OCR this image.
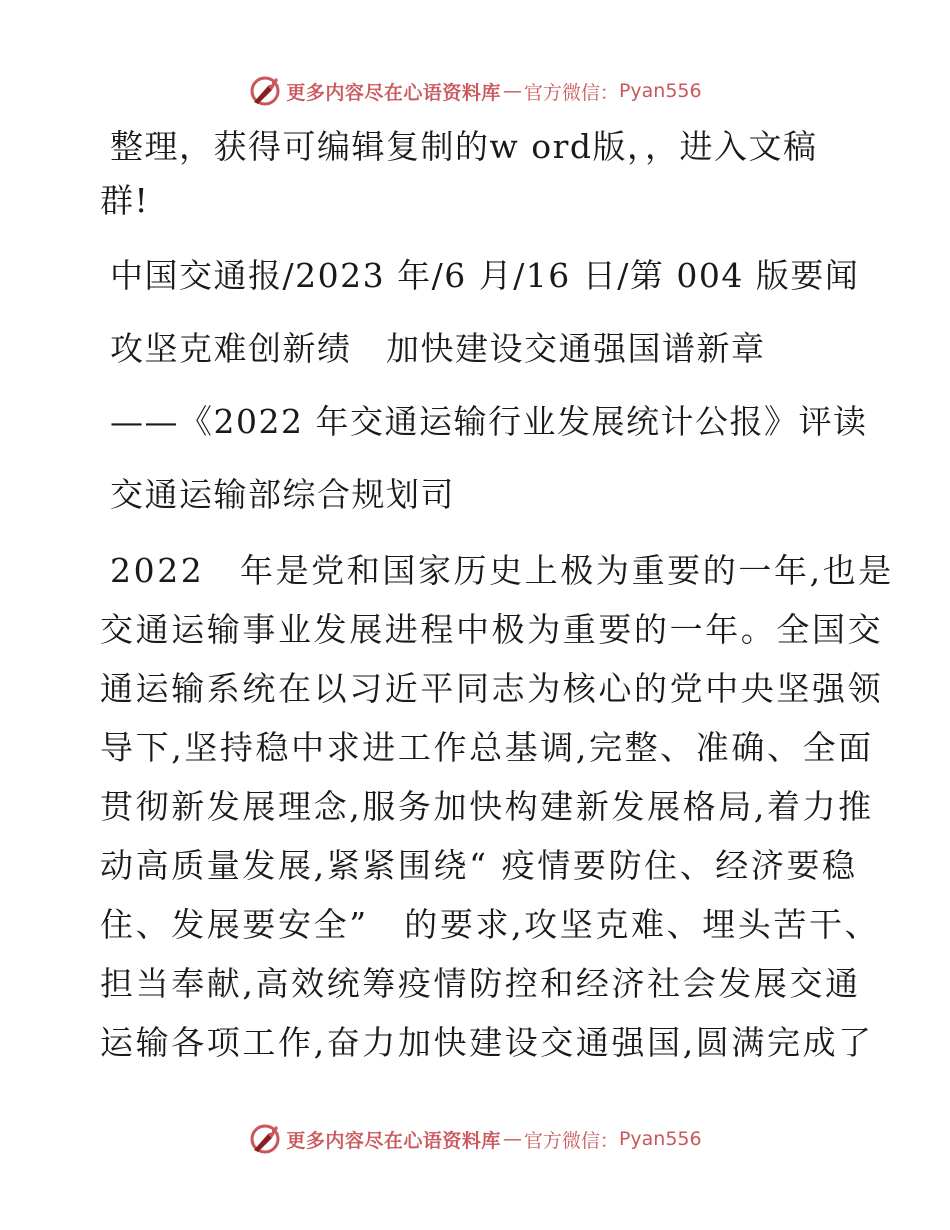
更多内容尽在心语资料库 — 官方微信： Pyan556

整理，获得可编辑复制的w ord版，，进入文稿

群!

中国交通报/2023 年/6 月/16 日/第 004 版要闻

攻坚克难创新绩　加快建设交通强国谱新章

——《2022 年交通运输行业发展统计公报》评读

交通运输部综合规划司

2022　年是党和国家历史上极为重要的一年,也是

交通运输事业发展进程中极为重要的一年。全国交

通运输系统在以习近平同志为核心的党中央坚强领

导下,坚持稳中求进工作总基调,完整、准确、全面

贯彻新发展理念,服务加快构建新发展格局,着力推

动高质量发展,紧紧围绕“ 疫情要防住、经济要稳

住、发展要安全”　的要求,攻坚克难、埋头苦干、

担当奉献,高效统筹疫情防控和经济社会发展交通

运输各项工作,奋力加快建设交通强国,圆满完成了

更多内容尽在心语资料库 — 官方微信： Pyan556
